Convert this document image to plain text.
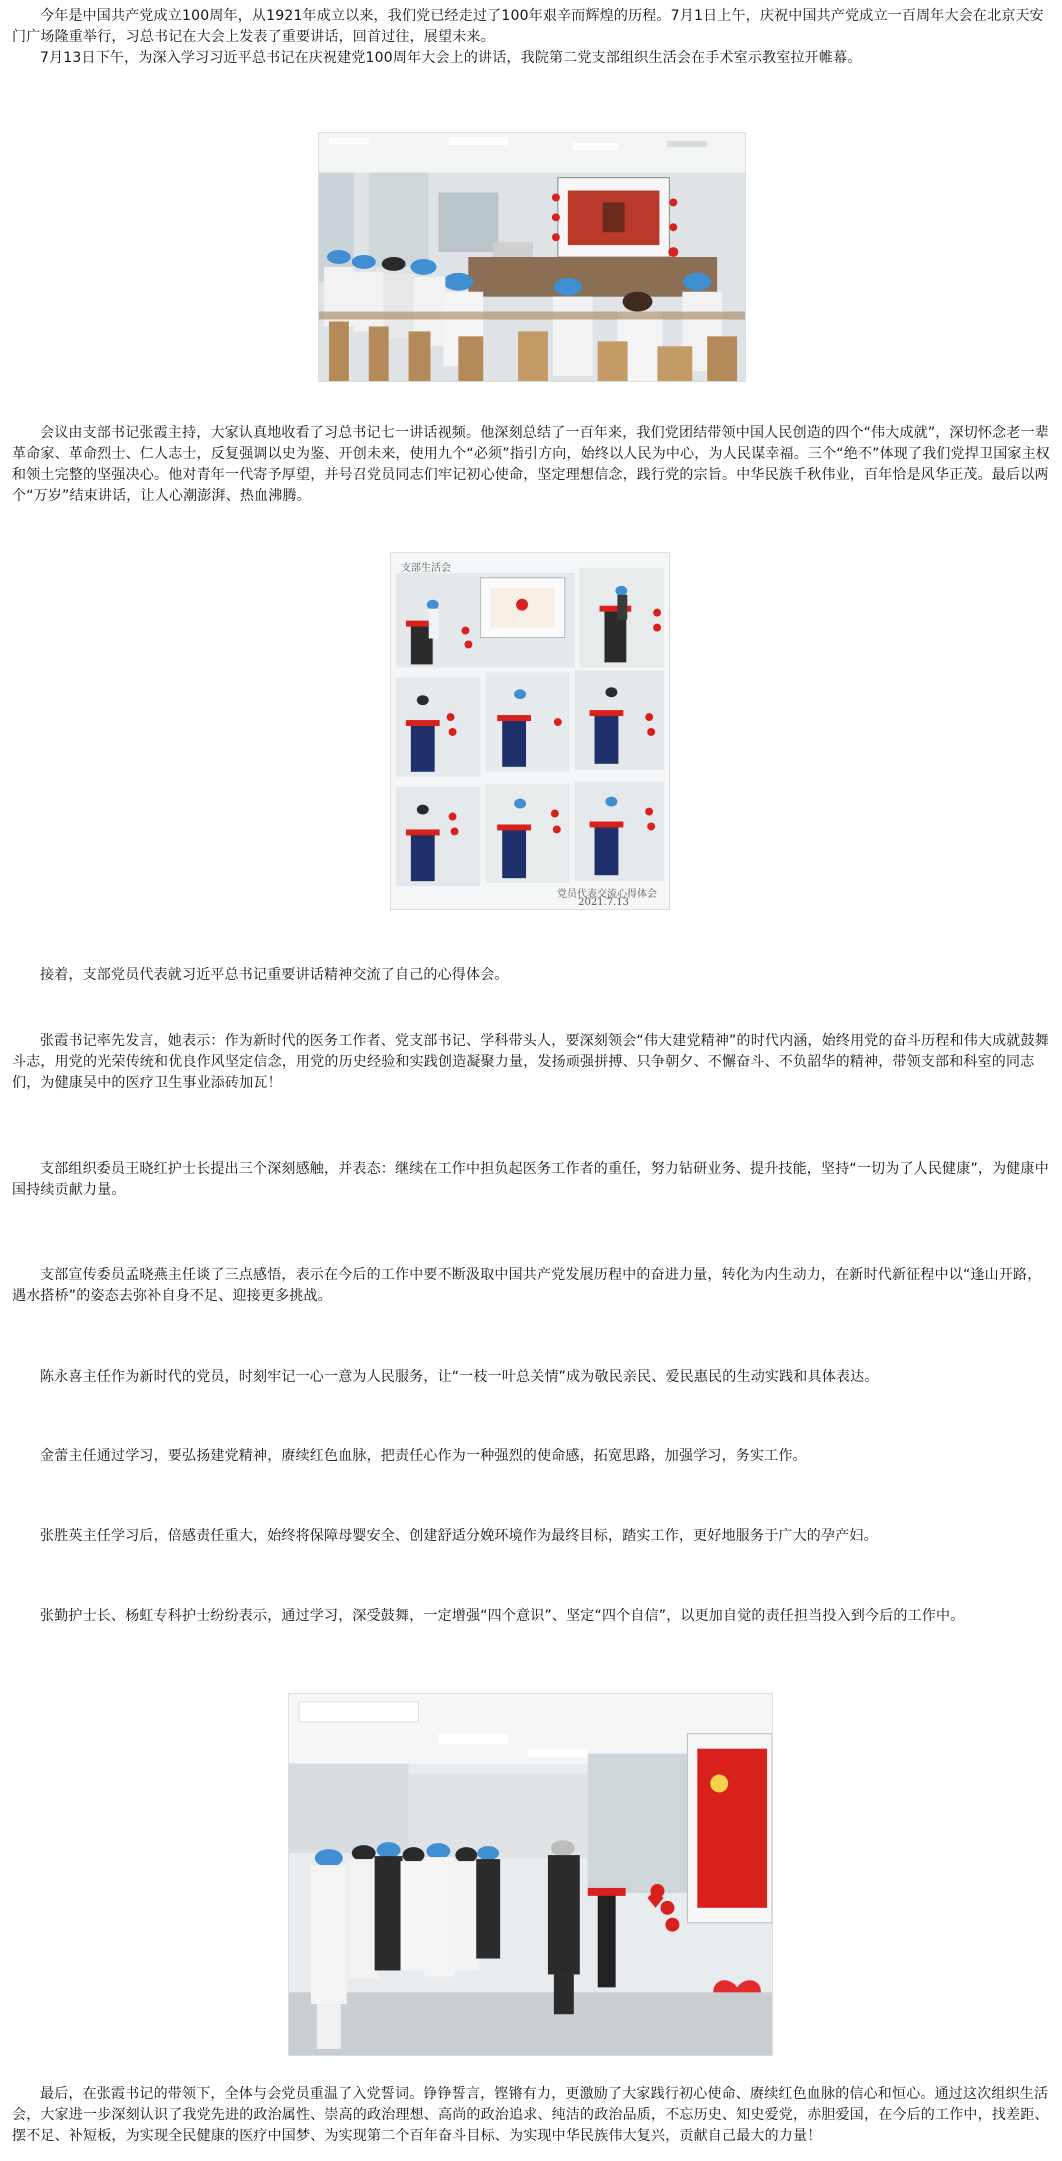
今年是中国共产党成立100周年，从1921年成立以来，我们党已经走过了100年艰辛而辉煌的历程。7月1日上午，庆祝中国共产党成立一百周年大会在北京天安门广场隆重举行，习总书记在大会上发表了重要讲话，回首过往，展望未来。

7月13日下午，为深入学习习近平总书记在庆祝建党100周年大会上的讲话，我院第二党支部组织生活会在手术室示教室拉开帷幕。

会议由支部书记张霞主持，大家认真地收看了习总书记七一讲话视频。他深刻总结了一百年来，我们党团结带领中国人民创造的四个“伟大成就”，深切怀念老一辈革命家、革命烈士、仁人志士，反复强调以史为鉴、开创未来，使用九个“必须”指引方向，始终以人民为中心，为人民谋幸福。三个“绝不”体现了我们党捍卫国家主权和领土完整的坚强决心。他对青年一代寄予厚望，并号召党员同志们牢记初心使命，坚定理想信念，践行党的宗旨。中华民族千秋伟业，百年恰是风华正茂。最后以两个“万岁”结束讲话，让人心潮澎湃、热血沸腾。

支部生活会
党员代表交流心得体会
2021.7.13

接着，支部党员代表就习近平总书记重要讲话精神交流了自己的心得体会。

张霞书记率先发言，她表示：作为新时代的医务工作者、党支部书记、学科带头人，要深刻领会“伟大建党精神”的时代内涵，始终用党的奋斗历程和伟大成就鼓舞斗志，用党的光荣传统和优良作风坚定信念，用党的历史经验和实践创造凝聚力量，发扬顽强拼搏、只争朝夕、不懈奋斗、不负韶华的精神，带领支部和科室的同志们，为健康吴中的医疗卫生事业添砖加瓦！

支部组织委员王晓红护士长提出三个深刻感触，并表态：继续在工作中担负起医务工作者的重任，努力钻研业务、提升技能，坚持“一切为了人民健康”，为健康中国持续贡献力量。

支部宣传委员孟晓燕主任谈了三点感悟，表示在今后的工作中要不断汲取中国共产党发展历程中的奋进力量，转化为内生动力，在新时代新征程中以“逢山开路，遇水搭桥”的姿态去弥补自身不足、迎接更多挑战。

陈永喜主任作为新时代的党员，时刻牢记一心一意为人民服务，让“一枝一叶总关情”成为敬民亲民、爱民惠民的生动实践和具体表达。

金蕾主任通过学习，要弘扬建党精神，赓续红色血脉，把责任心作为一种强烈的使命感，拓宽思路，加强学习，务实工作。

张胜英主任学习后，倍感责任重大，始终将保障母婴安全、创建舒适分娩环境作为最终目标，踏实工作，更好地服务于广大的孕产妇。

张勤护士长、杨虹专科护士纷纷表示，通过学习，深受鼓舞，一定增强“四个意识”、坚定“四个自信”，以更加自觉的责任担当投入到今后的工作中。

最后，在张霞书记的带领下，全体与会党员重温了入党誓词。铮铮誓言，铿锵有力，更激励了大家践行初心使命、赓续红色血脉的信心和恒心。通过这次组织生活会，大家进一步深刻认识了我党先进的政治属性、崇高的政治理想、高尚的政治追求、纯洁的政治品质，不忘历史、知史爱党，赤胆爱国，在今后的工作中，找差距、摆不足、补短板，为实现全民健康的医疗中国梦、为实现第二个百年奋斗目标、为实现中华民族伟大复兴，贡献自己最大的力量！
